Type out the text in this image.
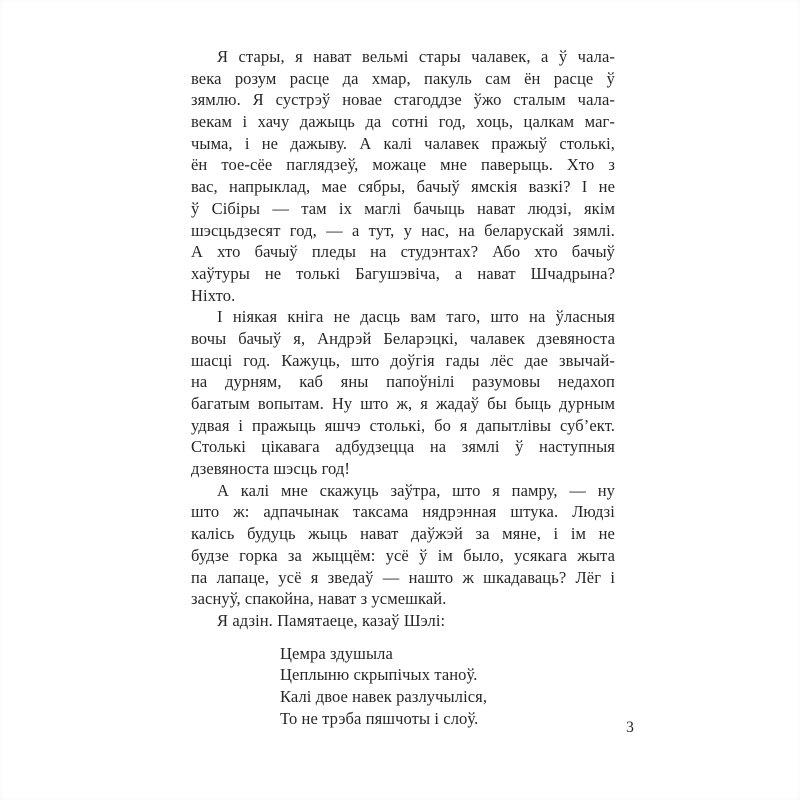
Я стары, я нават вельмі стары чалавек, а ў чала-
века розум расце да хмар, пакуль сам ён расце ў
зямлю. Я сустрэў новае стагоддзе ўжо сталым чала-
векам і хачу дажыць да сотні год, хоць, цалкам маг-
чыма, і не дажыву. А калі чалавек пражыў столькі,
ён тое-сёе паглядзеў, можаце мне паверыць. Хто з
вас, напрыклад, мае сябры, бачыў ямскія вазкі? І не
ў Сібіры — там іх маглі бачыць нават людзі, якім
шэсцьдзесят год, — а тут, у нас, на беларускай зямлі.
А хто бачыў пледы на студэнтах? Або хто бачыў
хаўтуры не толькі Багушэвіча, а нават Шчадрына?
Ніхто.
І ніякая кніга не дасць вам таго, што на ўласныя
вочы бачыў я, Андрэй Беларэцкі, чалавек дзевяноста
шасці год. Кажуць, што доўгія гады лёс дае звычай-
на дурням, каб яны папоўнілі разумовы недахоп
багатым вопытам. Ну што ж, я жадаў бы быць дурным
удвая і пражыць яшчэ столькі, бо я дапытлівы суб’ект.
Столькі цікавага адбудзецца на зямлі ў наступныя
дзевяноста шэсць год!
А калі мне скажуць заўтра, што я памру, — ну
што ж: адпачынак таксама нядрэнная штука. Людзі
калісь будуць жыць нават даўжэй за мяне, і ім не
будзе горка за жыццём: усё ў ім было, усякага жыта
па лапаце, усё я зведаў — нашто ж шкадаваць? Лёг і
заснуў, спакойна, нават з усмешкай.
Я адзін. Памятаеце, казаў Шэлі:
Цемра здушыла
Цеплыню скрыпічых таноў.
Калі двое навек разлучыліся,
То не трэба пяшчоты і слоў.	3
